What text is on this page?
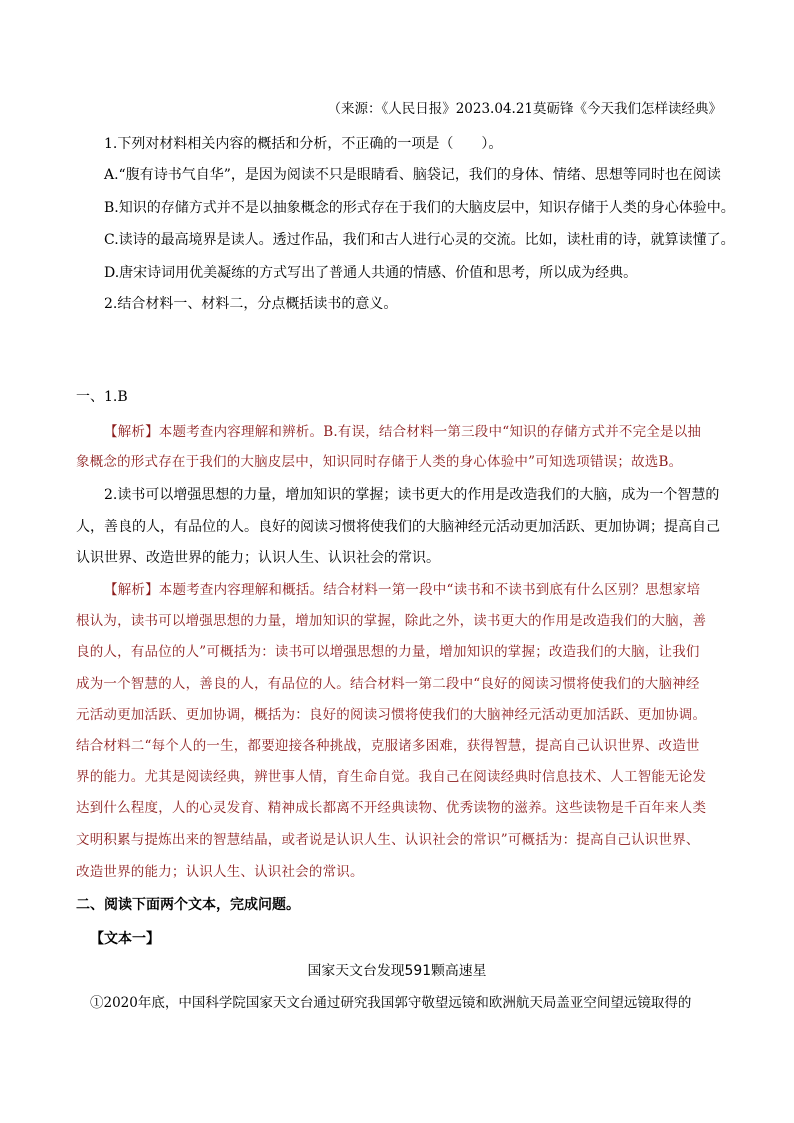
（来源：《人民日报》2023.04.21莫砺锋《今天我们怎样读经典》
1.下列对材料相关内容的概括和分析，不正确的一项是（　　）。
A.“腹有诗书气自华”，是因为阅读不只是眼睛看、脑袋记，我们的身体、情绪、思想等同时也在阅读
B.知识的存储方式并不是以抽象概念的形式存在于我们的大脑皮层中，知识存储于人类的身心体验中。
C.读诗的最高境界是读人。透过作品，我们和古人进行心灵的交流。比如，读杜甫的诗，就算读懂了。
D.唐宋诗词用优美凝练的方式写出了普通人共通的情感、价值和思考，所以成为经典。
2.结合材料一、材料二，分点概括读书的意义。
一、1.B
【解析】本题考查内容理解和辨析。B.有误，结合材料一第三段中“知识的存储方式并不完全是以抽
象概念的形式存在于我们的大脑皮层中，知识同时存储于人类的身心体验中”可知选项错误；故选B。
2.读书可以增强思想的力量，增加知识的掌握；读书更大的作用是改造我们的大脑，成为一个智慧的
人，善良的人，有品位的人。良好的阅读习惯将使我们的大脑神经元活动更加活跃、更加协调；提高自己
认识世界、改造世界的能力；认识人生、认识社会的常识。
【解析】本题考查内容理解和概括。结合材料一第一段中“读书和不读书到底有什么区别？思想家培
根认为，读书可以增强思想的力量，增加知识的掌握，除此之外，读书更大的作用是改造我们的大脑，善
良的人，有品位的人”可概括为：读书可以增强思想的力量，增加知识的掌握；改造我们的大脑，让我们
成为一个智慧的人，善良的人，有品位的人。结合材料一第二段中“良好的阅读习惯将使我们的大脑神经
元活动更加活跃、更加协调，概括为：良好的阅读习惯将使我们的大脑神经元活动更加活跃、更加协调。
结合材料二“每个人的一生，都要迎接各种挑战，克服诸多困难，获得智慧，提高自己认识世界、改造世
界的能力。尤其是阅读经典，辨世事人情，育生命自觉。我自己在阅读经典时信息技术、人工智能无论发
达到什么程度，人的心灵发育、精神成长都离不开经典读物、优秀读物的滋养。这些读物是千百年来人类
文明积累与提炼出来的智慧结晶，或者说是认识人生、认识社会的常识”可概括为：提高自己认识世界、
改造世界的能力；认识人生、认识社会的常识。
二、阅读下面两个文本，完成问题。
【文本一】
国家天文台发现591颗高速星
①2020年底，中国科学院国家天文台通过研究我国郭守敬望远镜和欧洲航天局盖亚空间望远镜取得的
